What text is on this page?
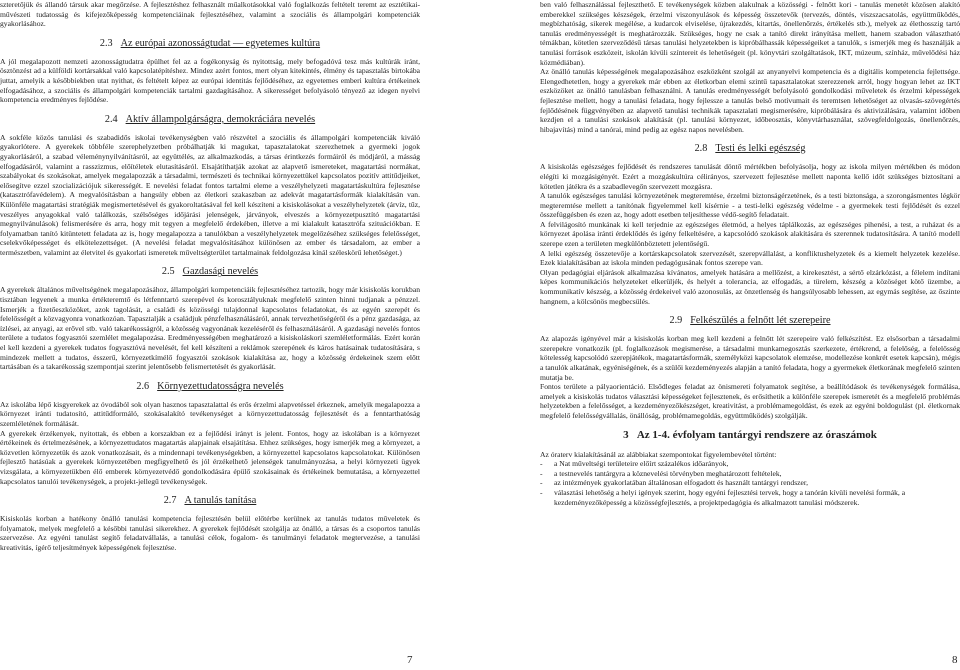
szteretőjük és állandó társuk akar megőrzése. A fejlesztéshez felhasznált műalkotásokkal való foglalkozás feltételt teremt az esztétikai-művészeti tudatosság és kifejezőképesség kompetenciáinak fejlesztéséhez, valamint a szociális és állampolgári kompetenciák gyakorlásához.

2.3 Az európai azonosságtudat — egyetemes kultúra

A jól megalapozott nemzeti azonosságtudatra épülhet fel az a fogékonyság és nyitottság, mely befogadóvá tesz más kultúrák iránt, ösztönzést ad a külföldi kortársakkal való kapcsolatépítéshez. Mindez azért fontos, mert olyan kitekintés, élmény és tapasztalás birtokába juttat, amelyik a későbbiekben utat nyithat, és feltételt képez az európai identitás fejlődéséhez, az egyetemes emberi kultúra értékeinek elfogadásához, a szociális és állampolgári kompetenciák tartalmi gazdagításához. A sikerességet befolyásoló tényező az idegen nyelvi kompetencia eredményes fejlődése.

2.4 Aktív állampolgárságra, demokráciára nevelés

A sokféle közös tanulási és szabadidős iskolai tevékenységben való részvétel a szociális és állampolgári kompetenciák kiváló gyakorlótere. A gyerekek többféle szerephelyzetben próbálhatják ki magukat, tapasztalatokat szerezhetnek a gyermeki jogok gyakorlásáról, a szabad véleménynyilvánításról, az együttélés, az alkalmazkodás, a társas érintkezés formáiról és módjáról, a másság elfogadásáról, valamint a rasszizmus, előítéletek elutasításáról. Elsajátíthatják azokat az alapvető ismereteket, magatartási normákat, szabályokat és szokásokat, amelyek megalapozzák a társadalmi, természeti és technikai környezettükel kapcsolatos pozitív attitűdjeiket, elősegítve ezzel szocializációjuk sikerességét. E nevelési feladat fontos tartalmi eleme a veszélyhelyzeti magatartáskultúra fejlesztése (katasztrófavédelem). A megvalósításban a hangsúly ebben az életkori szakaszban az adekvát magatartásformák kialakításán van. Különféle magatartási stratégiák megismertetésével és gyakoroltatásával fel kell készíteni a kisiskolásokat a veszélyhelyzetek (árvíz, tűz, veszélyes anyagokkal való találkozás, szélsőséges időjárási jelenségek, járványok, elveszés a környezetpusztító magatartási megnyilvánulások) felismerésére és arra, hogy mit tegyen a megfelelő érdekében, illetve a mi kialakult katasztrófa szituációkban. E folyamatban tanító kitüntetett feladata az is, hogy megalapozza a tanulókban a veszélyhelyzetek megelőzéséhez szükséges felelősséget, cselekvőképességet és elkötelezettséget. (A nevelési feladat megvalósításához különösen az ember és társadalom, az ember a természetben, valamint az életvitel és gyakorlati ismeretek műveltségterület tartalmainak feldolgozása kínál széleskörű lehetőséget.)

2.5 Gazdasági nevelés

A gyerekek általános műveltségének megalapozásához, állampolgári kompetenciáik fejlesztéséhez tartozik, hogy már kisiskolás korukban tisztában legyenek a munka értékteremtő és létfenntartó szerepével és korosztályuknak megfelelő szinten hinni tudjanak a pénzzel. Ismerjék a fizetőeszközöket, azok tagolását, a családi és közösségi tulajdonnal kapcsolatos feladatokat, és az egyén szerepét és felelősségét a közvagyonra vonatkozóan. Tapasztalják a családjuk pénzfelhasználásáról, annak tervezhetőségéről és a pénz gazdasága, az ízlései, az anyagi, az erővel stb. való takarékosságról, a közösség vagyonának kezeléséről és felhasználásáról. A gazdasági nevelés fontos területe a tudatos fogyasztói szemlélet megalapozása. Eredményességében meghatározó a kisiskoláskori szemléletformálás. Ezért korán el kell kezdeni a gyerekek tudatos fogyasztóvá nevelését, fel kell készíteni a reklámok szerepének és káros hatásainak tudatosítására, s mindezek mellett a tudatos, ésszerű, környezetkímélő fogyasztói szokások kialakítása az, hogy a közösség érdekeinek szem előtt tartásában és a takarékosság szempontjai szerint jelentősebb felismertetését és gyakorlását.

2.6 Környezettudatosságra nevelés

Az iskolába lépő kisgyerekek az óvodából sok olyan hasznos tapasztalattal és erős érzelmi alapvetéssel érkeznek, amelyik megalapozza a környezet iránti tudatosító, attitűdformáló, szokásalakító tevékenységet a környezettudatosság fejlesztését és a fenntarthatóság szemléletének formálását.

A gyerekek érzékenyek, nyitottak, és ebben a korszakban ez a fejlődési irányt is jelent. Fontos, hogy az iskolában is a környezet értékeinek és értelmezésének, a környezettudatos magatartás alapjainak elsajátítása. Ehhez szükséges, hogy ismerjék meg a környezet, a közvetlen környezetük és azok vonatkozásait, és a mindennapi tevékenységekben, a környezettel kapcsolatos kapcsolatokat. Különösen fejlesztő hatásúak a gyerekek környezetében megfigyelhető és jól érzékelhető jelenségek tanulmányozása, a helyi környezeti ügyek vizsgálata, a környezetükben élő emberek környezetvédő gondolkodására épülő szokásainak és értékeinek bemutatása, a környezettel kapcsolatos tanulói tevékenységek, a projekt-jellegű tevékenységek.

2.7 A tanulás tanítása

Kisiskolás korban a hatékony önálló tanulási kompetencia fejlesztésén belül előtérbe kerülnek az tanulás tudatos mûveletek és folyamatok, melyek megfelelő a későbbi tanulási sikerekhez. A gyerekek fejlődését szolgálja az önálló, a társas és a csoportos tanulás szervezése. Az egyéni tanulást segítő feladatvállalás, a tanulási célok, fogalom- és tanulmányi feladatok megtervezése, a tanulási kreativitás, ígérő teljesítmények képességének fejlesztése.

7

ben való felhasználással fejleszthető. E tevékenységek közben alakulnak a közösségi - felnőtt kori - tanulás menetét közösen alakító emberekkel szükséges készségek, érzelmi viszonyulások és képesség összetevők (tervezés, döntés, viszszacsatolás, együttműködés, megbízhatóság, sikerek megélése, a kudarcok elviselése, újrakezdés, kitartás, önellenőrzés, értékelés stb.), melyek az élethosszig tartó tanulás eredményességét is meghatározzák. Szükséges, hogy ne csak a tanító direkt irányítása mellett, hanem szabadon választható témákban, kötetlen szerveződésű társas tanulási helyzetekben is kipróbálhassák képességeiket a tanulók, s ismerjék meg és használják a tanulási források eszközeit, iskolán kívüli színtereit és lehetőségeit (pl. könyvtári szolgáltatások, IKT, múzeum, színház, művelődési ház közmédiában).

Az önálló tanulás képességének megalapozásához eszközként szolgál az anyanyelvi kompetencia és a digitális kompetencia fejlettsége. Elengedhetetlen, hogy a gyerekek már ebben az életkorban elemi szintű tapasztalatokat szerezzenek arról, hogy hogyan lehet az IKT eszközöket az önálló tanulásban felhasználni. A tanulás eredményességét befolyásoló gondolkodási műveletek és érzelmi képességek fejlesztése mellett, hogy a tanulási feladata, hogy fejlessze a tanulás belső motívumait és teremtsen lehetőséget az olvasás-szövegértés fejlődésének függvényében az alapvető tanulási technikák tapasztalati megismerésére, kipróbálására és aktivizálására, valamint időben kezdjen el a tanulási szokások alakítását (pl. tanulási környezet, időbeosztás, könyvtárhasználat, szövegfeldolgozás, önellenőrzés, hibajavítás) mind a tanórai, mind pedig az egész napos nevelésben.

2.8 Testi és lelki egészség

A kisiskolás egészséges fejlődését és rendszeres tanulását döntő mértékben befolyásolja, hogy az iskola milyen mértékben és módon elégíti ki mozgásigényét. Ezért a mozgáskultúra célirányos, szervezett fejlesztése mellett naponta kellő időt szükséges biztosítani a kötetlen játékra és a szabadlevegőn szervezett mozgásra.

A tanulók egészséges tanulási környezetének megteremtése, érzelmi biztonságérzetének, és a testi biztonsága, a szorongásmentes légkör megteremtése mellett a tanítónak figyelemmel kell kísérnie - a testi-lelki egészség védelme - a gyermekek testi fejlődését és ezzel összefüggésben és ezen az, hogy adott esetben teljesíthesse védő-segítő feladatait.

A felvilágosító munkának ki kell terjednie az egészséges életmód, a helyes táplálkozás, az egészséges pihenési, a test, a ruházat és a környezet ápolása iránti érdeklődés és igény felkeltésére, a kapcsolódó szokások alakítására és szerennek tudatosítására. A tanító modell szerepe ezen a területen megkülönböztetett jelentőségű.

A lelki egészség összetevője a kortárskapcsolatok szervezését, szerepvállalást, a konfliktushelyzetek és a kiemelt helyzetek kezelése. Ezek kialakításában az iskola minden pedagógusának fontos szerepe van.

Olyan pedagógiai eljárások alkalmazása kívánatos, amelyek hatására a mellőzést, a kirekesztést, a sértő elzárkózást, a félelem indítani képes kommunikációs helyzeteket elkerüljék, és helyét a tolerancia, az elfogadás, a türelem, készség a közöséget kötő üzembe, a kommunikatív készség, a közösség érdekeivel való azonosulás, az önzetlenség és hangsúlyosabb lehessen, az egymás segítése, az őszinte hangnem, a kölcsönös megbecsülés.

2.9 Felkészülés a felnőtt lét szerepeire

Az alapozás igényével már a kisiskolás korban meg kell kezdeni a felnőtt lét szerepeire való felkészítést. Ez elsősorban a társadalmi szerepekre vonatkozik (pl. foglalkozások megismerése, a társadalmi munkamegosztás szerkezete, értékrend, a felelőség, a felelősség kötelesség kapcsolódó szerepjátékok, magatartásformák, személyközi kapcsolatok elemzése, modellezése konkrét esetek kapcsán), mégis a tanulók alkatának, egyéniségének, és a szülői kezdeményezés alapján a tanító feladata, hogy a gyermekek életkorának megfelelő szinten mutatja be.

Fontos területe a pályaorientáció. Elsődleges feladat az önismereti folyamatok segítése, a beállítódások és tevékenységek formálása, amelyek a kisiskolás tudatos választási képességeket fejlesztenek, és erősíthetik a különféle szerepek ismeretét és a megfelelő problémás helyzetekben a felelősséget, a kezdeményezőkészséget, kreativitást, a problémamegoldást, és ezek az egyéni boldogulást (pl. életkornak megfelelő felelősségvállalás, önállóság, problémamegoldás, együttműködés) szolgálják.

3 Az 1-4. évfolyam tantárgyi rendszere az óraszámok

Az óraterv kialakításánál az alábbiakat szempontokat figyelembevétel történt:

- a Nat műveltségi területeire előírt százalékos időarányok,
- a testnevelés tantárgyra a köznevelési törvényben meghatározott feltételek,
- az intézmények gyakorlatában általánosan elfogadott és használt tantárgyi rendszer,
- választási lehetőség a helyi igények szerint, hogy egyéni fejlesztési tervek, hogy a tanórán kívüli nevelési formák, a kezdeményezőképesség a közösségfejlesztés, a projektpedagógia és alkalmazott tanulási módszerek.
8
